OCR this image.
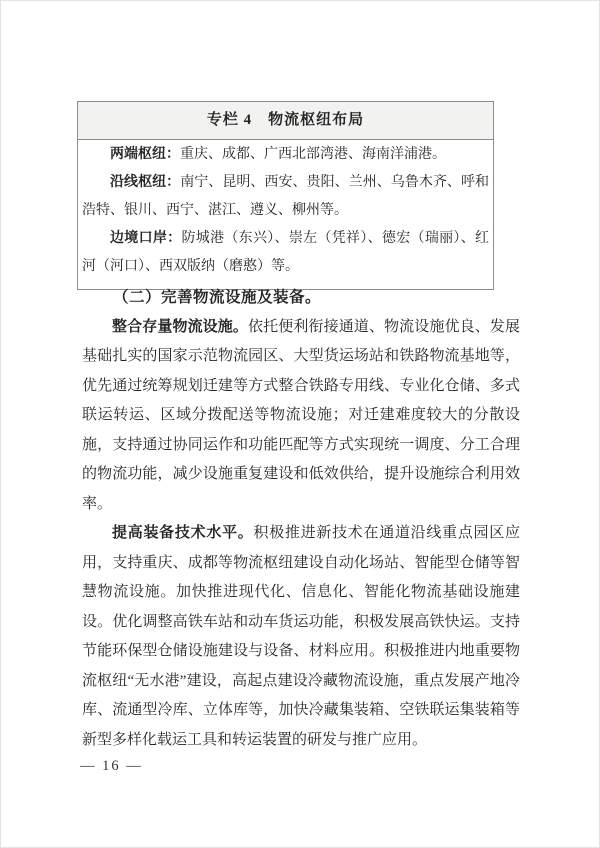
专栏 4　物流枢纽布局

两端枢纽：重庆、成都、广西北部湾港、海南洋浦港。

沿线枢纽：南宁、昆明、西安、贵阳、兰州、乌鲁木齐、呼和浩特、银川、西宁、湛江、遵义、柳州等。

边境口岸：防城港（东兴）、崇左（凭祥）、德宏（瑞丽）、红河（河口）、西双版纳（磨憨）等。

（二）完善物流设施及装备。

整合存量物流设施。依托便利衔接通道、物流设施优良、发展基础扎实的国家示范物流园区、大型货运场站和铁路物流基地等，优先通过统筹规划迁建等方式整合铁路专用线、专业化仓储、多式联运转运、区域分拨配送等物流设施；对迁建难度较大的分散设施，支持通过协同运作和功能匹配等方式实现统一调度、分工合理的物流功能，减少设施重复建设和低效供给，提升设施综合利用效率。

提高装备技术水平。积极推进新技术在通道沿线重点园区应用，支持重庆、成都等物流枢纽建设自动化场站、智能型仓储等智慧物流设施。加快推进现代化、信息化、智能化物流基础设施建设。优化调整高铁车站和动车货运功能，积极发展高铁快运。支持节能环保型仓储设施建设与设备、材料应用。积极推进内地重要物流枢纽“无水港”建设，高起点建设冷藏物流设施，重点发展产地冷库、流通型冷库、立体库等，加快冷藏集装箱、空铁联运集装箱等新型多样化载运工具和转运装置的研发与推广应用。

— 16 —
